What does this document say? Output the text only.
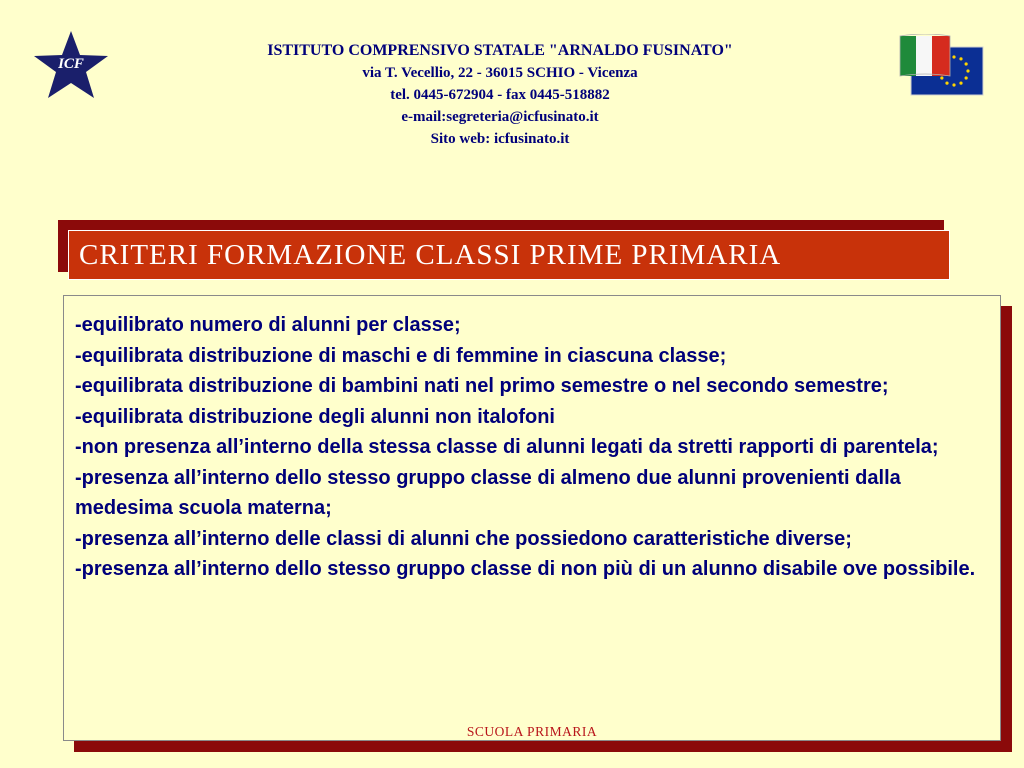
ICF
ISTITUTO COMPRENSIVO STATALE "ARNALDO FUSINATO"
via T. Vecellio, 22 - 36015 SCHIO - Vicenza
tel. 0445-672904 - fax 0445-518882
e-mail:segreteria@icfusinato.it
Sito web: icfusinato.it
CRITERI FORMAZIONE CLASSI PRIME PRIMARIA
-equilibrato numero di alunni per classe;
-equilibrata distribuzione di maschi e di femmine in ciascuna classe;
-equilibrata distribuzione di bambini nati nel primo semestre o nel secondo semestre;
-equilibrata distribuzione degli alunni non italofoni
-non presenza all’interno della stessa classe di alunni legati da stretti rapporti di parentela;
-presenza all’interno dello stesso gruppo classe di almeno due alunni provenienti dalla medesima scuola materna;
-presenza all’interno delle classi di alunni che possiedono caratteristiche diverse;
-presenza all’interno dello stesso gruppo classe di non più di un alunno disabile ove possibile.
SCUOLA PRIMARIA
